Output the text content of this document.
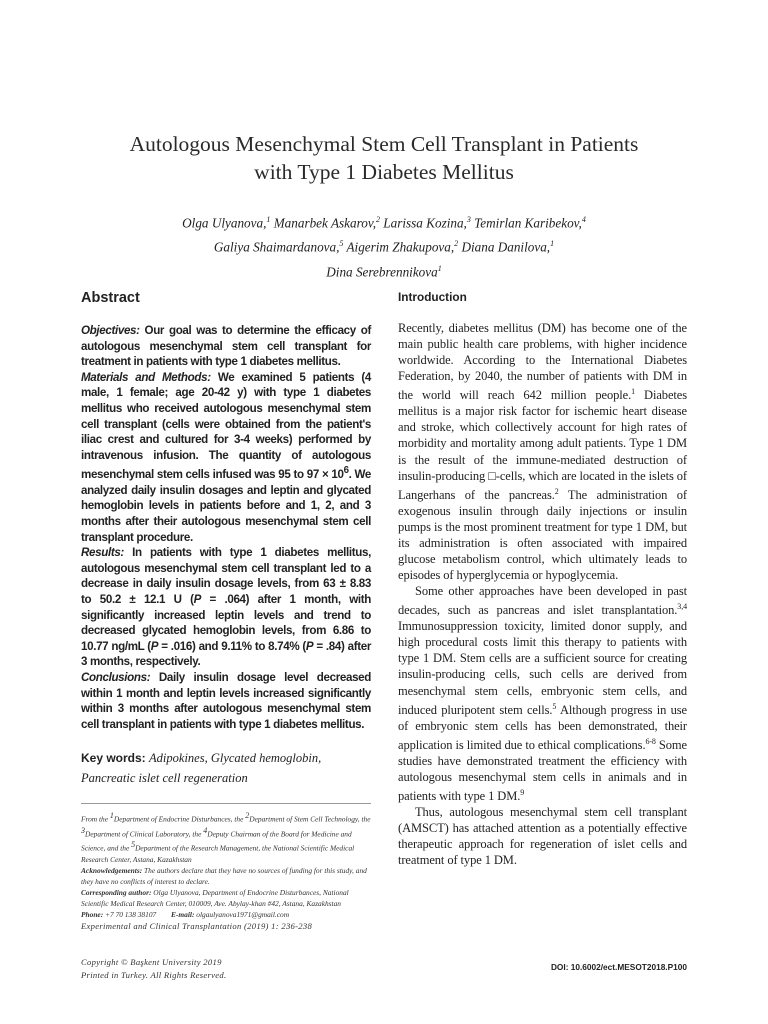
Autologous Mesenchymal Stem Cell Transplant in Patients
with Type 1 Diabetes Mellitus
Olga Ulyanova,$^1$ Manarbek Askarov,$^2$ Larissa Kozina,$^3$ Temirlan Karibekov,$^4$
Galiya Shaimardanova,$^5$ Aigerim Zhakupova,$^2$ Diana Danilova,$^1$
Dina Serebrennikova$^1$
Abstract

Objectives: Our goal was to determine the efficacy of autologous mesenchymal stem cell transplant for treatment in patients with type 1 diabetes mellitus.

Materials and Methods: We examined 5 patients (4 male, 1 female; age 20-42 y) with type 1 diabetes mellitus who received autologous mesenchymal stem cell transplant (cells were obtained from the patient's iliac crest and cultured for 3-4 weeks) performed by intravenous infusion. The quantity of autologous mesenchymal stem cells infused was 95 to $97 \times 10^6$. We analyzed daily insulin dosages and leptin and glycated hemoglobin levels in patients before and 1, 2, and 3 months after their autologous mesenchymal stem cell transplant procedure.

Results: In patients with type 1 diabetes mellitus, autologous mesenchymal stem cell transplant led to a decrease in daily insulin dosage levels, from 63 ± 8.83 to 50.2 ± 12.1 U (P = .064) after 1 month, with significantly increased leptin levels and trend to decreased glycated hemoglobin levels, from 6.86 to 10.77 ng/mL (P = .016) and 9.11% to 8.74% (P = .84) after 3 months, respectively.

Conclusions: Daily insulin dosage level decreased within 1 month and leptin levels increased significantly within 3 months after autologous mesenchymal stem cell transplant in patients with type 1 diabetes mellitus.

Key words: Adipokines, Glycated hemoglobin, Pancreatic islet cell regeneration

From the $^1$Department of Endocrine Disturbances, the $^2$Department of Stem Cell Technology, the $^3$Department of Clinical Laboratory, the $^4$Deputy Chairman of the Board for Medicine and Science, and the $^5$Department of the Research Management, the National Scientific Medical Research Center, Astana, Kazakhstan

Acknowledgements: The authors declare that they have no sources of funding for this study, and they have no conflicts of interest to declare.

Corresponding author: Olga Ulyanova, Department of Endocrine Disturbances, National Scientific Medical Research Center, 010009, Ave. Abylay-khan #42, Astana, Kazakhstan

Phone: +7 70 138 38107 E-mail: olgaulyanova1971@gmail.com

Experimental and Clinical Transplantation (2019) 1: 236-238
Copyright © Başkent University 2019
Printed in Turkey. All Rights Reserved.
Introduction

Recently, diabetes mellitus (DM) has become one of the main public health care problems, with higher incidence worldwide. According to the International Diabetes Federation, by 2040, the number of patients with DM in the world will reach 642 million people.$^1$ Diabetes mellitus is a major risk factor for ischemic heart disease and stroke, which collectively account for high rates of morbidity and mortality among adult patients. Type 1 DM is the result of the immune-mediated destruction of insulin-producing □-cells, which are located in the islets of Langerhans of the pancreas.$^2$ The administration of exogenous insulin through daily injections or insulin pumps is the most prominent treatment for type 1 DM, but its administration is often associated with impaired glucose metabolism control, which ultimately leads to episodes of hyperglycemia or hypoglycemia.

Some other approaches have been developed in past decades, such as pancreas and islet transplantation.$^{3,4}$ Immunosuppression toxicity, limited donor supply, and high procedural costs limit this therapy to patients with type 1 DM. Stem cells are a sufficient source for creating insulin-producing cells, such cells are derived from mesenchymal stem cells, embryonic stem cells, and induced pluripotent stem cells.$^5$ Although progress in use of embryonic stem cells has been demonstrated, their application is limited due to ethical complications.$^{6-8}$ Some studies have demonstrated treatment the efficiency with autologous mesenchymal stem cells in animals and in patients with type 1 DM.$^9$

Thus, autologous mesenchymal stem cell transplant (AMSCT) has attached attention as a potentially effective therapeutic approach for regeneration of islet cells and treatment of type 1 DM.

DOI: 10.6002/ect.MESOT2018.P100
